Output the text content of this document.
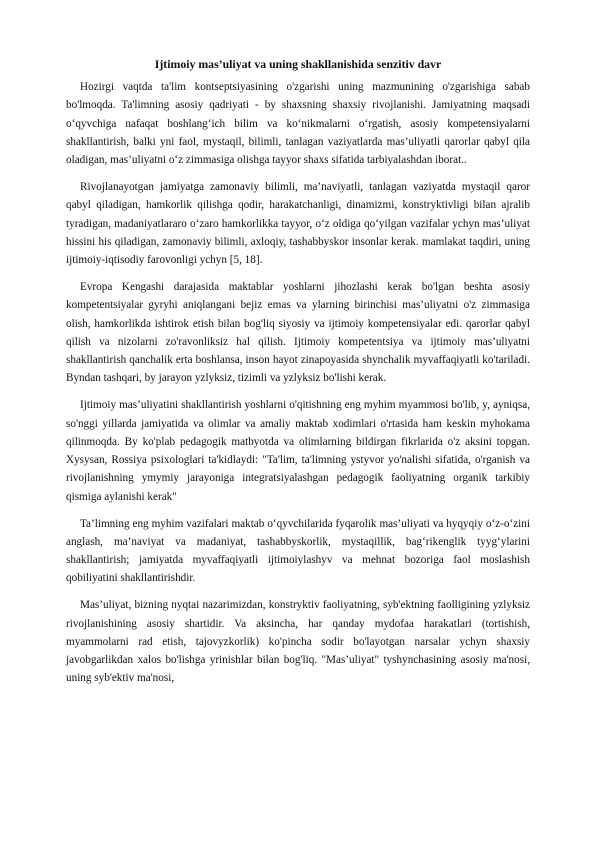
Ijtimoiy mas’uliyat va uning shakllanishida senzitiv davr

Hozirgi vaqtda ta'lim kontseptsiyasining o'zgarishi uning mazmunining o'zgarishiga sabab bo'lmoqda. Ta'limning asosiy qadriyati - by shaxsning shaxsiy rivojlanishi. Jamiyatning maqsadi o‘qyvchiga nafaqat boshlang‘ich bilim va ko‘nikmalarni o‘rgatish, asosiy kompetensiyalarni shakllantirish, balki yni faol, mystaqil, bilimli, tanlagan vaziyatlarda mas’uliyatli qarorlar qabyl qila oladigan, mas’uliyatni o‘z zimmasiga olishga tayyor shaxs sifatida tarbiyalashdan iborat..

Rivojlanayotgan jamiyatga zamonaviy bilimli, ma’naviyatli, tanlagan vaziyatda mystaqil qaror qabyl qiladigan, hamkorlik qilishga qodir, harakatchanligi, dinamizmi, konstryktivligi bilan ajralib tyradigan, madaniyatlararo o‘zaro hamkorlikka tayyor, o‘z oldiga qo‘yilgan vazifalar ychyn mas’uliyat hissini his qiladigan, zamonaviy bilimli, axloqiy, tashabbyskor insonlar kerak. mamlakat taqdiri, uning ijtimoiy-iqtisodiy farovonligi ychyn [5, 18].

Evropa Kengashi darajasida maktablar yoshlarni jihozlashi kerak bo'lgan beshta asosiy kompetentsiyalar gyryhi aniqlangani bejiz emas va ylarning birinchisi mas’uliyatni o'z zimmasiga olish, hamkorlikda ishtirok etish bilan bog'liq siyosiy va ijtimoiy kompetensiyalar edi. qarorlar qabyl qilish va nizolarni zo'ravonliksiz hal qilish. Ijtimoiy kompetentsiya va ijtimoiy mas’uliyatni shakllantirish qanchalik erta boshlansa, inson hayot zinapoyasida shynchalik myvaffaqiyatli ko'tariladi. Byndan tashqari, by jarayon yzlyksiz, tizimli va yzlyksiz bo'lishi kerak.

Ijtimoiy mas’uliyatini shakllantirish yoshlarni o'qitishning eng myhim myammosi bo'lib, y, ayniqsa, so'nggi yillarda jamiyatida va olimlar va amaliy maktab xodimlari o'rtasida ham keskin myhokama qilinmoqda. By ko'plab pedagogik matbyotda va olimlarning bildirgan fikrlarida o'z aksini topgan. Xysysan, Rossiya psixologlari ta'kidlaydi: "Ta'lim, ta'limning ystyvor yo'nalishi sifatida, o'rganish va rivojlanishning ymymiy jarayoniga integratsiyalashgan pedagogik faoliyatning organik tarkibiy qismiga aylanishi kerak"

Ta’limning eng myhim vazifalari maktab o‘qyvchilarida fyqarolik mas’uliyati va hyqyqiy o‘z-o‘zini anglash, ma’naviyat va madaniyat, tashabbyskorlik, mystaqillik, bag‘rikenglik tyyg‘ylarini shakllantirish; jamiyatda myvaffaqiyatli ijtimoiylashyv va mehnat bozoriga faol moslashish qobiliyatini shakllantirishdir.

Mas’uliyat, bizning nyqtai nazarimizdan, konstryktiv faoliyatning, syb'ektning faolligining yzlyksiz rivojlanishining asosiy shartidir. Va aksincha, har qanday mydofaa harakatlari (tortishish, myammolarni rad etish, tajovyzkorlik) ko'pincha sodir bo'layotgan narsalar ychyn shaxsiy javobgarlikdan xalos bo'lishga yrinishlar bilan bog'liq. "Mas’uliyat" tyshynchasining asosiy ma'nosi, uning syb'ektiv ma'nosi,
